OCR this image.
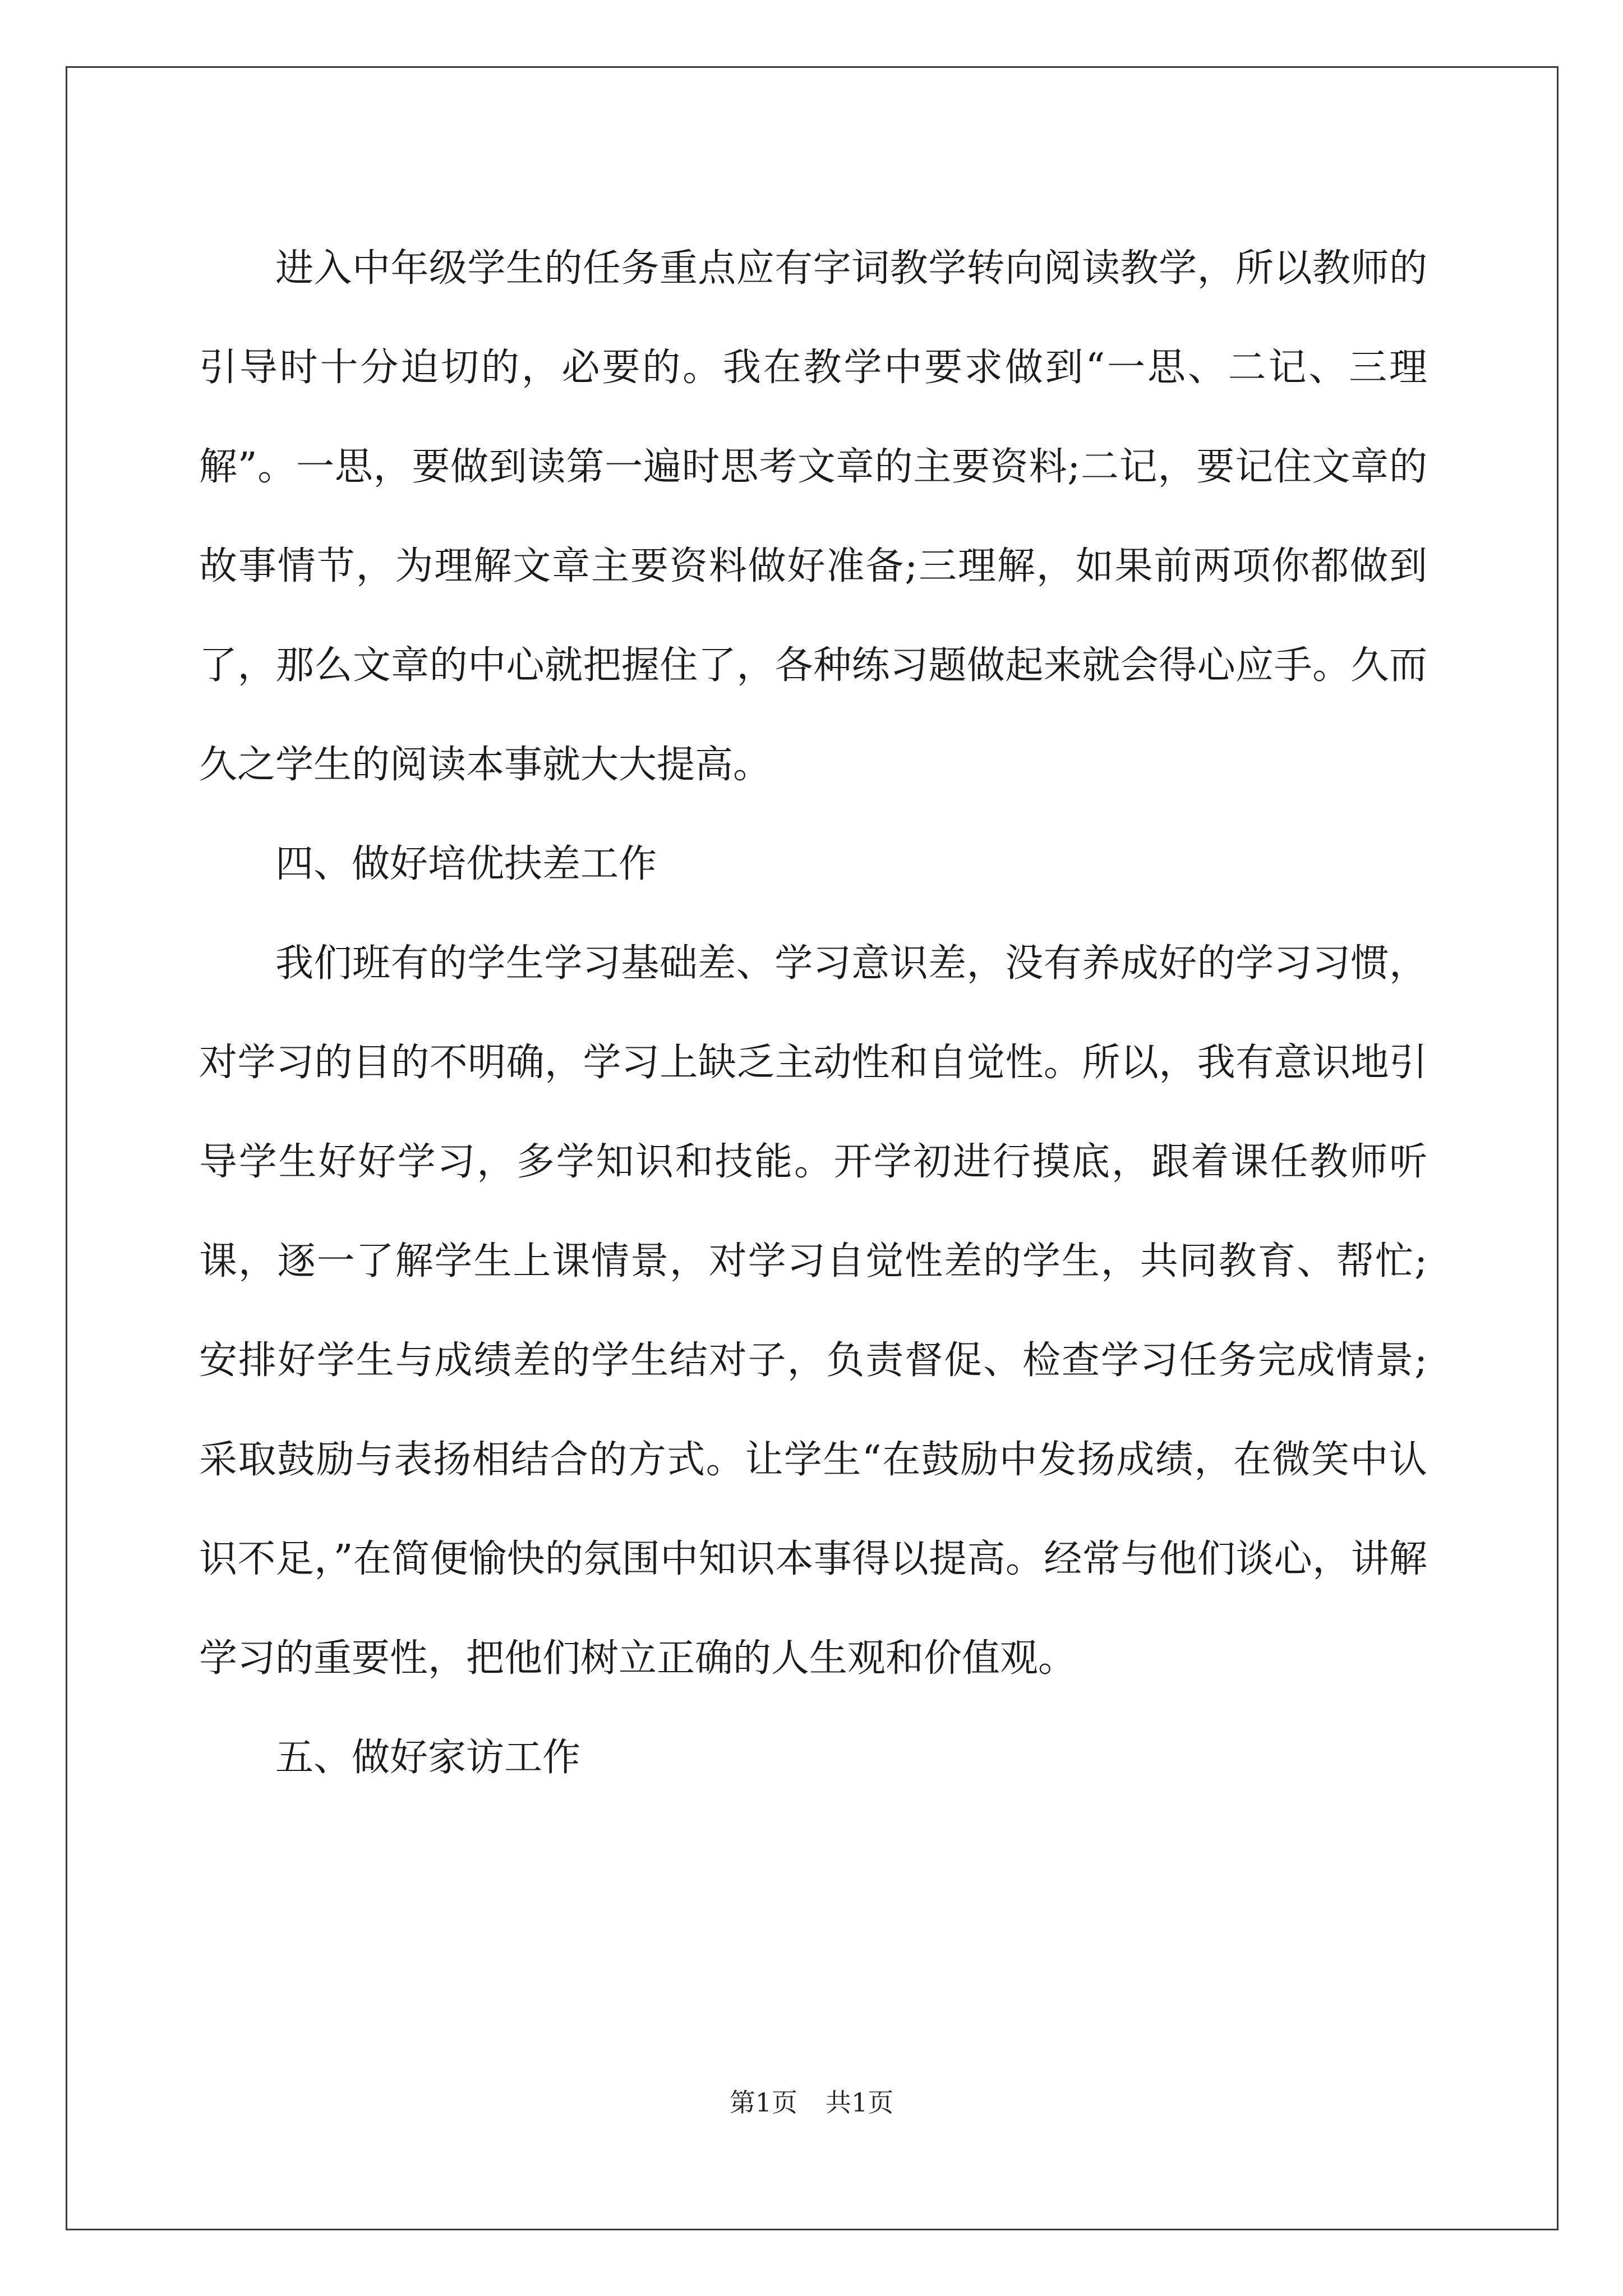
进入中年级学生的任务重点应有字词教学转向阅读教学，所以教师的引导时十分迫切的，必要的。我在教学中要求做到“一思、二记、三理解”。一思，要做到读第一遍时思考文章的主要资料;二记，要记住文章的故事情节，为理解文章主要资料做好准备;三理解，如果前两项你都做到了，那么文章的中心就把握住了，各种练习题做起来就会得心应手。久而久之学生的阅读本事就大大提高。

四、做好培优扶差工作

我们班有的学生学习基础差、学习意识差，没有养成好的学习习惯，对学习的目的不明确，学习上缺乏主动性和自觉性。所以，我有意识地引导学生好好学习，多学知识和技能。开学初进行摸底，跟着课任教师听课，逐一了解学生上课情景，对学习自觉性差的学生，共同教育、帮忙;安排好学生与成绩差的学生结对子，负责督促、检查学习任务完成情景;采取鼓励与表扬相结合的方式。让学生“在鼓励中发扬成绩，在微笑中认识不足，”在简便愉快的氛围中知识本事得以提高。经常与他们谈心，讲解学习的重要性，把他们树立正确的人生观和价值观。

五、做好家访工作

第1页 共1页
